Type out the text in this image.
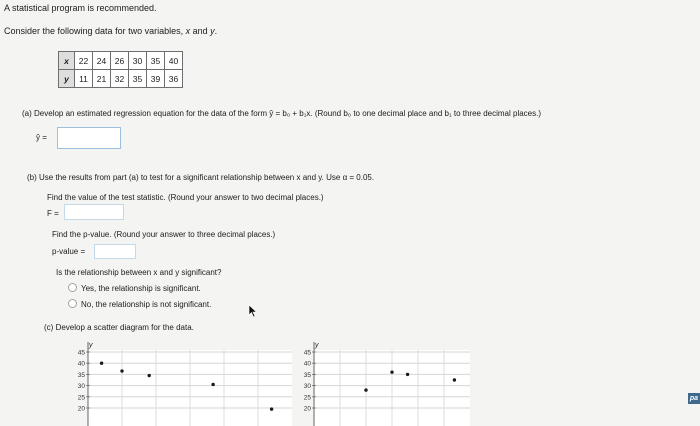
A statistical program is recommended.
Consider the following data for two variables, x and y.
x	22	24	26	30	35	40
y	11	21	32	35	39	36
(a) Develop an estimated regression equation for the data of the form ŷ = b₀ + b₁x. (Round b₀ to one decimal place and b₁ to three decimal places.)
ŷ =
(b) Use the results from part (a) to test for a significant relationship between x and y. Use α = 0.05.
Find the value of the test statistic. (Round your answer to two decimal places.)
F =
Find the p-value. (Round your answer to three decimal places.)
p-value =
Is the relationship between x and y significant?
Yes, the relationship is significant.
No, the relationship is not significant.
(c) Develop a scatter diagram for the data.
45
40
35
30
25
20
y
45
40
35
30
25
20
y
pa
